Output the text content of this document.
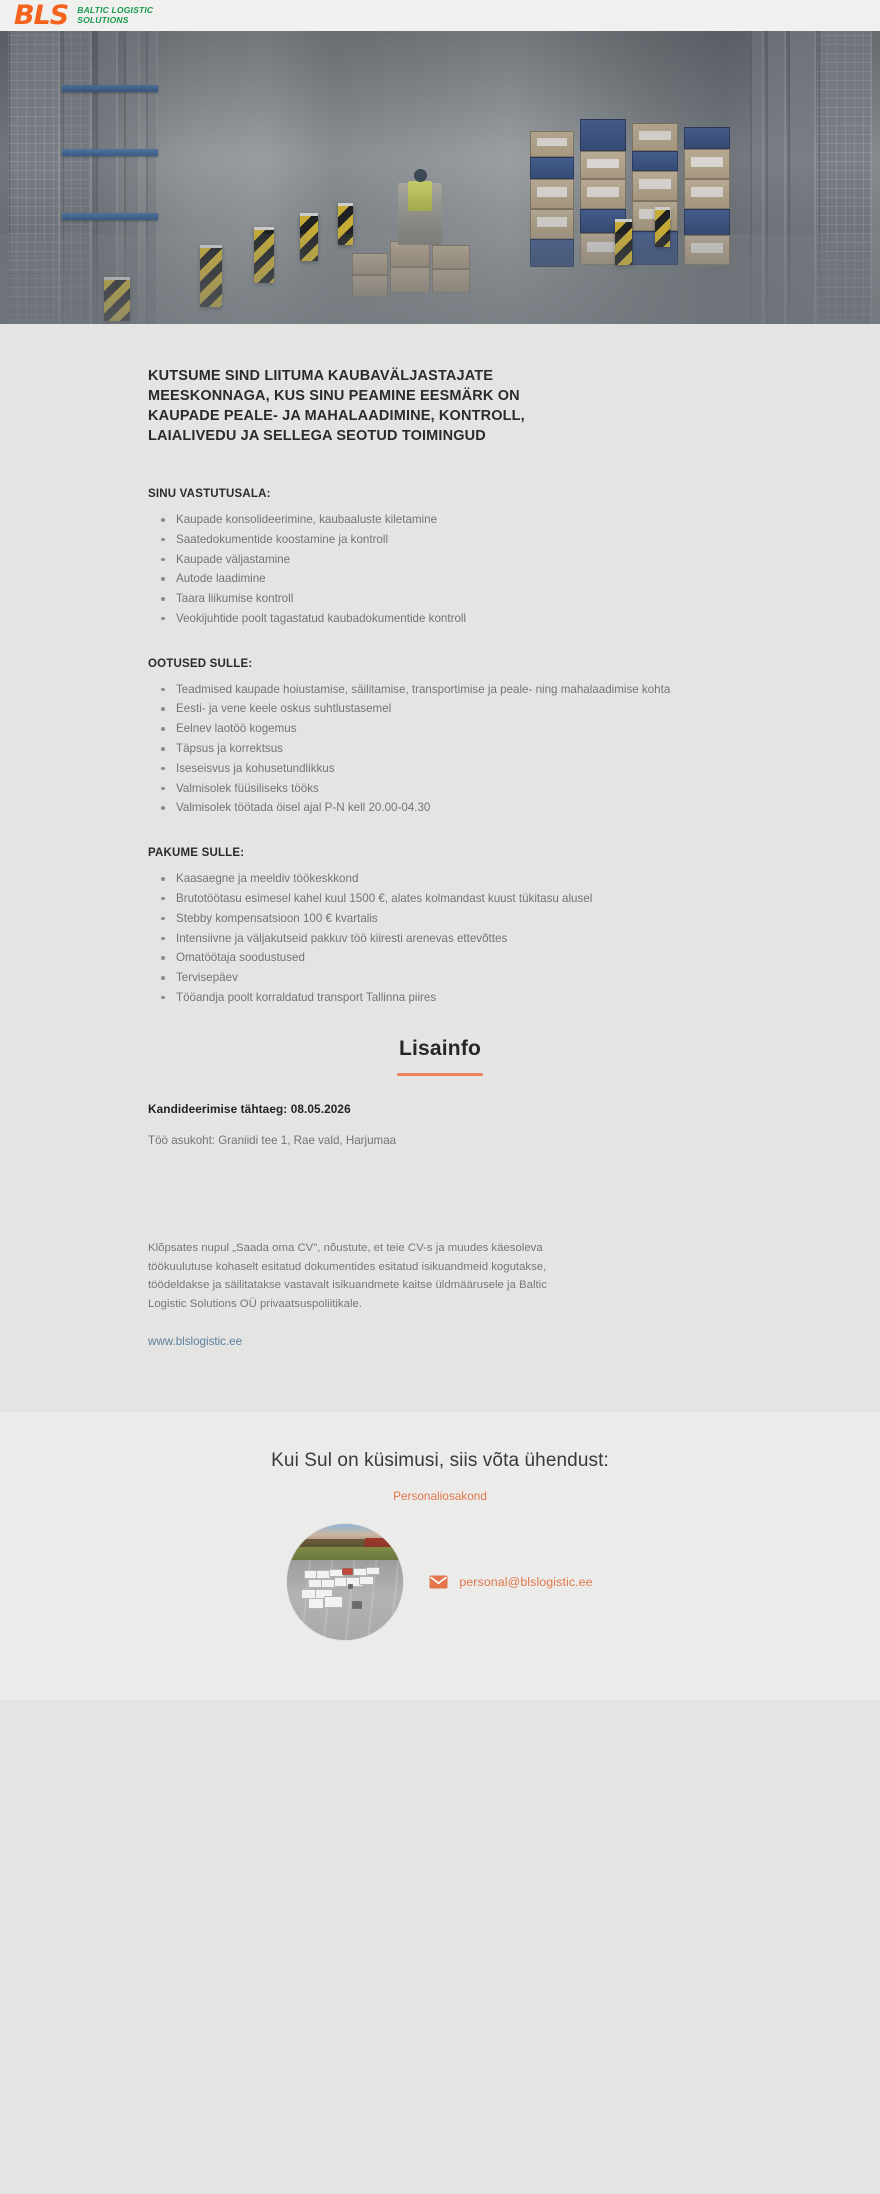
BLS BALTIC LOGISTIC
SOLUTIONS
KUTSUME SIND LIITUMA KAUBAVÄLJASTAJATE MEESKONNAGA, KUS SINU PEAMINE EESMÄRK ON KAUPADE PEALE- JA MAHALAADIMINE, KONTROLL, LAIALIVEDU JA SELLEGA SEOTUD TOIMINGUD

SINU VASTUTUSALA:

Kaupade konsolideerimine, kaubaaluste kiletamine
Saatedokumentide koostamine ja kontroll
Kaupade väljastamine
Autode laadimine
Taara liikumise kontroll
Veokijuhtide poolt tagastatud kaubadokumentide kontroll

OOTUSED SULLE:

Teadmised kaupade hoiustamise, säilitamise, transportimise ja peale- ning mahalaadimise kohta
Eesti- ja vene keele oskus suhtlustasemel
Eelnev laotöö kogemus
Täpsus ja korrektsus
Iseseisvus ja kohusetundlikkus
Valmisolek füüsiliseks tööks
Valmisolek töötada öisel ajal P-N kell 20.00-04.30

PAKUME SULLE:

Kaasaegne ja meeldiv töökeskkond
Brutotöötasu esimesel kahel kuul 1500 €, alates kolmandast kuust tükitasu alusel
Stebby kompensatsioon 100 € kvartalis
Intensiivne ja väljakutseid pakkuv töö kiiresti arenevas ettevõttes
Omatöötaja soodustused
Tervisepäev
Tööandja poolt korraldatud transport Tallinna piires
Lisainfo

Kandideerimise tähtaeg: 08.05.2026

Töö asukoht: Graniidi tee 1, Rae vald, Harjumaa

Klõpsates nupul „Saada oma CV", nõustute, et teie CV-s ja muudes käesoleva töökuulutuse kohaselt esitatud dokumentides esitatud isikuandmeid kogutakse, töödeldakse ja säilitatakse vastavalt isikuandmete kaitse üldmäärusele ja Baltic Logistic Solutions OÜ privaatsuspoliitikale.

www.blslogistic.ee
Kui Sul on küsimusi, siis võta ühendust:

Personaliosakond

personal@blslogistic.ee
